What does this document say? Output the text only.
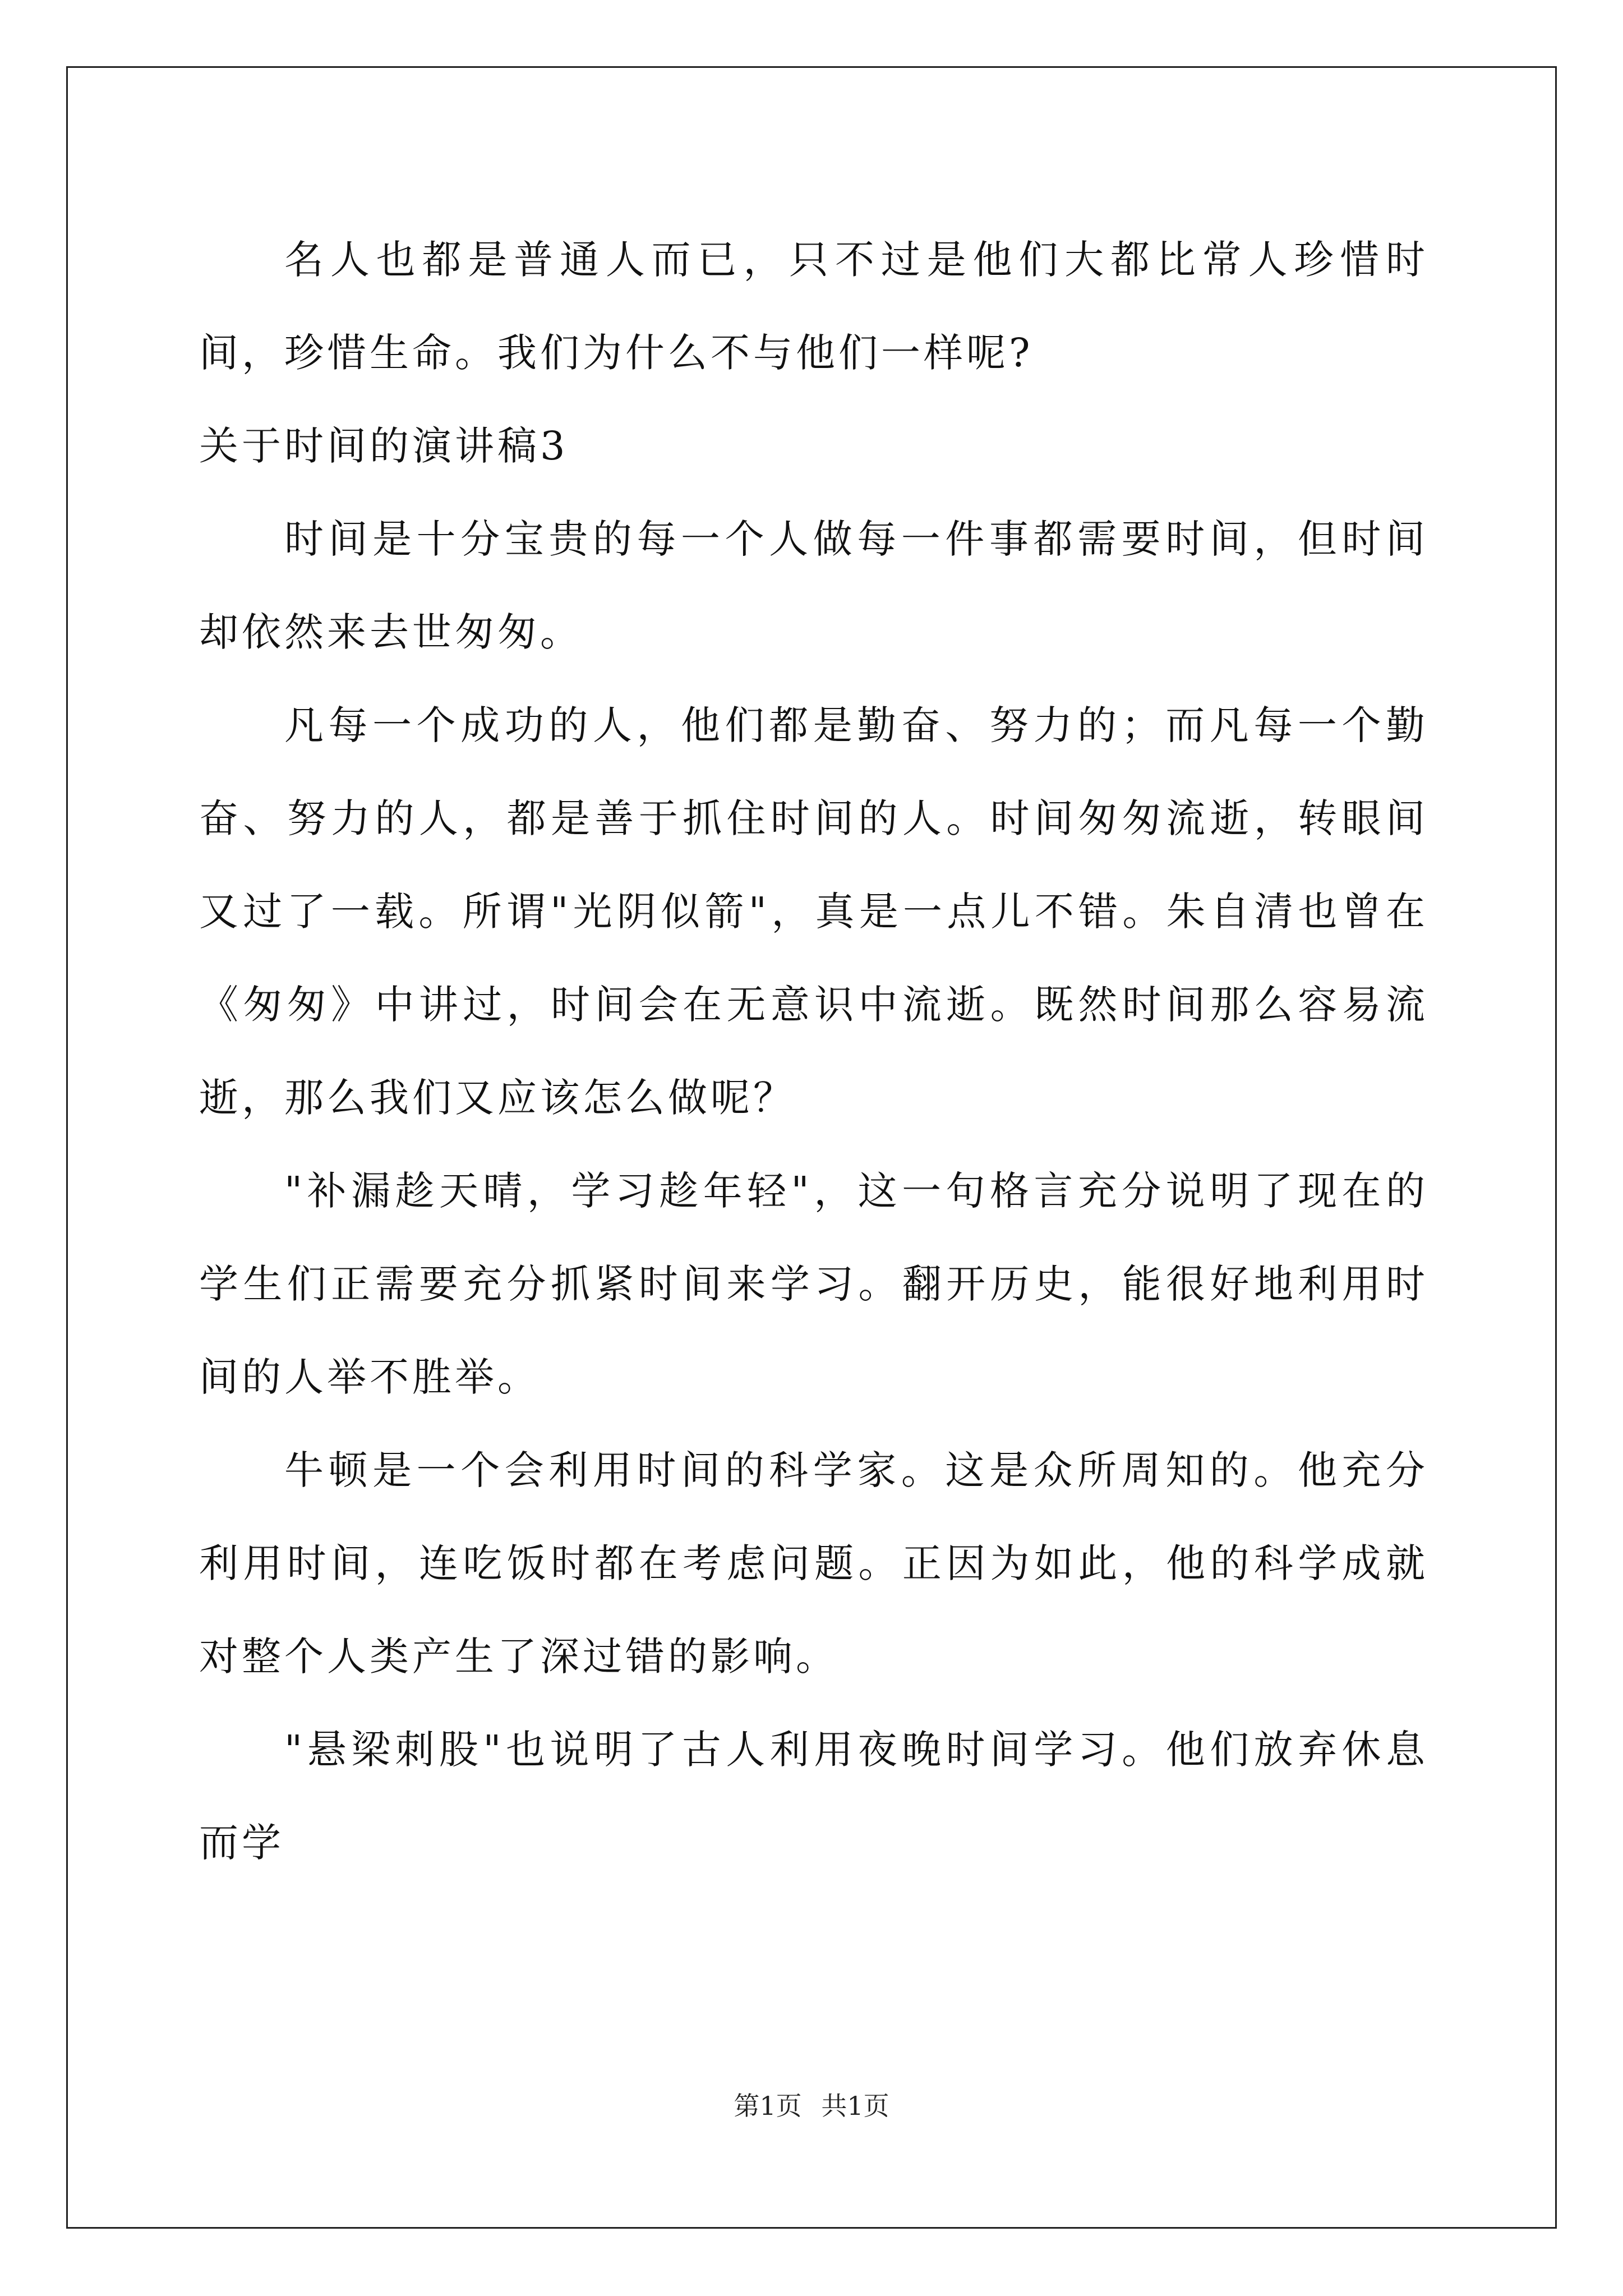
名人也都是普通人而已，只不过是他们大都比常人珍惜时间，珍惜生命。我们为什么不与他们一样呢?

关于时间的演讲稿3

时间是十分宝贵的每一个人做每一件事都需要时间，但时间却依然来去世匆匆。

凡每一个成功的人，他们都是勤奋、努力的；而凡每一个勤奋、努力的人，都是善于抓住时间的人。时间匆匆流逝，转眼间又过了一载。所谓"光阴似箭"，真是一点儿不错。朱自清也曾在《匆匆》中讲过，时间会在无意识中流逝。既然时间那么容易流逝，那么我们又应该怎么做呢？

"补漏趁天晴，学习趁年轻"，这一句格言充分说明了现在的学生们正需要充分抓紧时间来学习。翻开历史，能很好地利用时间的人举不胜举。

牛顿是一个会利用时间的科学家。这是众所周知的。他充分利用时间，连吃饭时都在考虑问题。正因为如此，他的科学成就对整个人类产生了深过错的影响。

"悬梁刺股"也说明了古人利用夜晚时间学习。他们放弃休息而学

第1页 共1页
